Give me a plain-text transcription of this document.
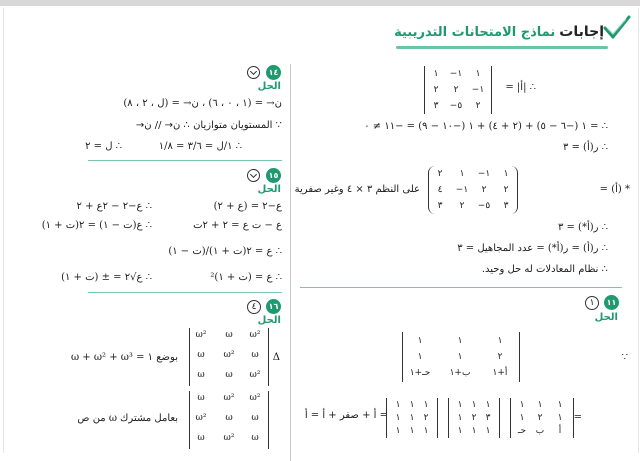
إجابات
نماذج الامتحانات التدريبية
١٤
الحل
ن→ = (١ ، ٠ ، ٦) ، ن→ = (ل ، ٢ ، ٨)
∵ المستويان متوازيان ∴ ن→ // ن→
∴ ١/ل = ٣/٦ = ١/٨
∴ ل = ٢
١٥
الحل
ع−٢ = (ع + ٢)
∴ ع−٢ − ٢ع + ٢
ع − ت ع = ٢ + ٢ت
∴ ع(ت − ١) = ٢(ت + ١)
∴ ع = ٢(ت + ١)/(ت − ١)
∴ ع = (ت + ١)²
∴ ع√٢ = ± (ت + ١)
١٦
٤
الحل
Δ
ω²	ω	ω²
ω	ω²	ω
ω	ω	ω²
بوضع ١ = ω + ω² + ω³
ω	ω²	ω²
ω²	ω	ω
ω	ω²	ω
بعامل مشترك ω من ص
∴ |أ| =
١	−١	١
٢	٢	−١
٣	−٥	٢
∴ = ١ (−٦ − ٥) + (٢ + ٤) + ١ (−١٠ − ٩) = −١١ ≠ ٠
∴ ر(أ) = ٣
* (أ) =
٢	١	−١	١
٤	−١	٢	٢
٣	٢	−٥	٣
على النظم ٣ × ٤ وغير صفرية
∴ ر(أ*) = ٣
∴ ر(أ) = ر(أ*) = عدد المجاهيل = ٣
∴ نظام المعادلات له حل وحيد.
١١
١
الحل
∵
١	١	١
١	١	٢
حـ+١	ب+١	أ+١
= أ + صفر + أ = أ
١	١	١
١	١	٢
١	١	١
١	١	١
١	٢	٣
١	١	١
١	١	١
١	٢	١
حـ	ب	أ
=
